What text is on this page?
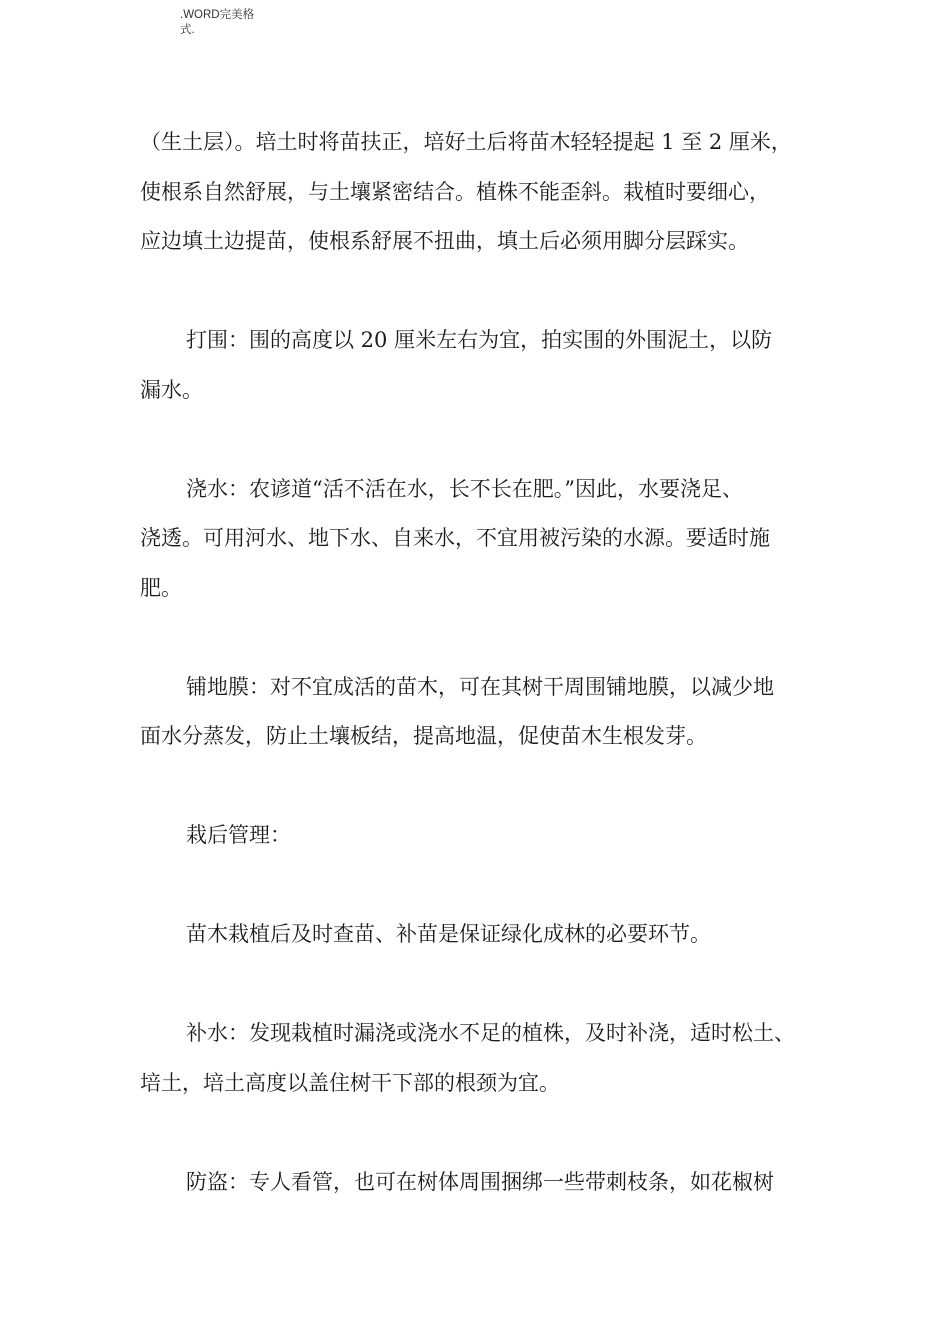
.WORD完美格
式.
（生土层）。培土时将苗扶正，培好土后将苗木轻轻提起 1 至 2 厘米，
使根系自然舒展，与土壤紧密结合。植株不能歪斜。栽植时要细心，
应边填土边提苗，使根系舒展不扭曲，填土后必须用脚分层踩实。
打围：围的高度以 20 厘米左右为宜，拍实围的外围泥土，以防
漏水。
浇水：农谚道“活不活在水，长不长在肥。”因此，水要浇足、
浇透。可用河水、地下水、自来水，不宜用被污染的水源。要适时施
肥。
铺地膜：对不宜成活的苗木，可在其树干周围铺地膜，以减少地
面水分蒸发，防止土壤板结，提高地温，促使苗木生根发芽。
栽后管理：
苗木栽植后及时查苗、补苗是保证绿化成林的必要环节。
补水：发现栽植时漏浇或浇水不足的植株，及时补浇，适时松土、
培土，培土高度以盖住树干下部的根颈为宜。
防盗：专人看管，也可在树体周围捆绑一些带刺枝条，如花椒树
